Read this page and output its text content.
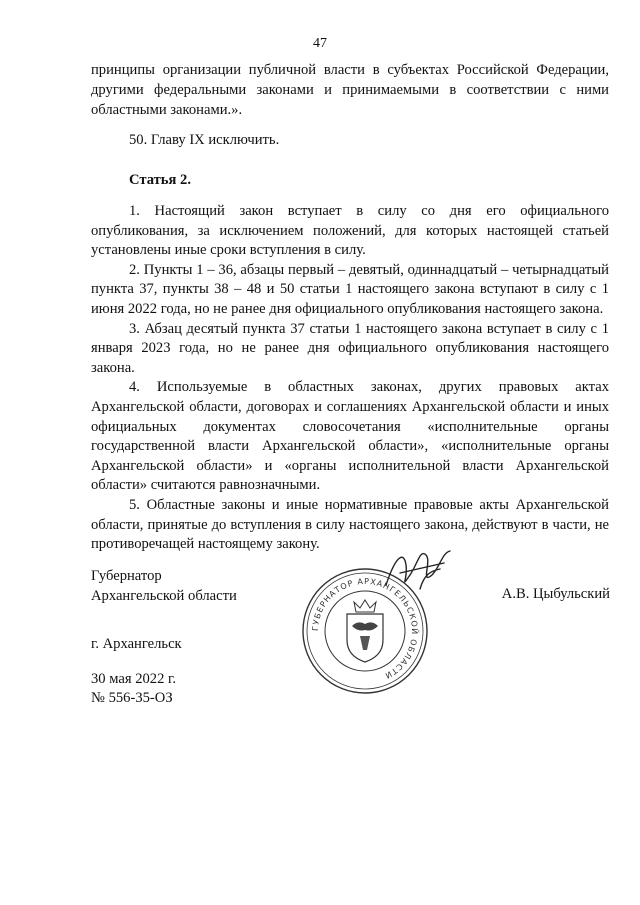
47

принципы организации публичной власти в субъектах Российской Федерации, другими федеральными законами и принимаемыми в соответствии с ними областными законами.».

50. Главу IX исключить.

Статья 2.

1. Настоящий закон вступает в силу со дня его официального опубликования, за исключением положений, для которых настоящей статьей установлены иные сроки вступления в силу.

2. Пункты 1 – 36, абзацы первый – девятый, одиннадцатый – четырнадцатый пункта 37, пункты 38 – 48 и 50 статьи 1 настоящего закона вступают в силу с 1 июня 2022 года, но не ранее дня официального опубликования настоящего закона.

3. Абзац десятый пункта 37 статьи 1 настоящего закона вступает в силу с 1 января 2023 года, но не ранее дня официального опубликования настоящего закона.

4. Используемые в областных законах, других правовых актах Архангельской области, договорах и соглашениях Архангельской области и иных официальных документах словосочетания «исполнительные органы государственной власти Архангельской области», «исполнительные органы Архангельской области» и «органы исполнительной власти Архангельской области» считаются равнозначными.

5. Областные законы и иные нормативные правовые акты Архангельской области, принятые до вступления в силу настоящего закона, действуют в части, не противоречащей настоящему закону.

Губернатор
Архангельской области
ГУБЕРНАТОР АРХАНГЕЛЬСКОЙ ОБЛАСТИ
А.В. Цыбульский
г. Архангельск
30 мая 2022 г.
№ 556-35-ОЗ
